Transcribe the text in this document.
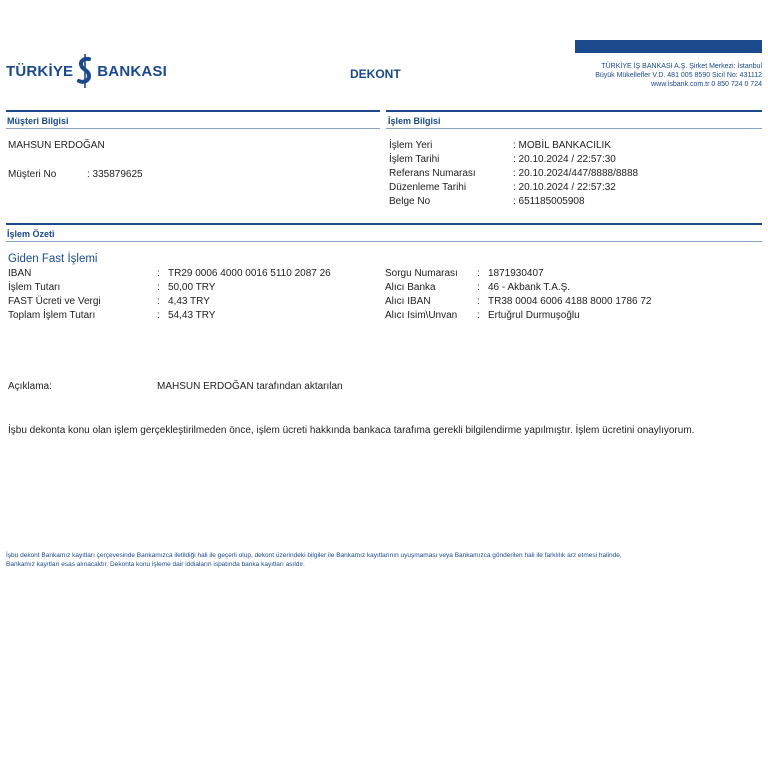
TÜRKİYE BANKASI	DEKONT
TÜRKİYE İŞ BANKASI A.Ş. Şirket Merkezi: İstanbul
Büyük Mükellefler V.D. 481 005 8590 Sicil No: 431112
www.isbank.com.tr 0 850 724 0 724
Müşteri Bilgisi	İşlem Bilgisi
MAHSUN ERDOĞAN
Müşteri No	: 335879625
İşlem Yeri	: MOBİL BANKACILIK
İşlem Tarihi	: 20.10.2024 / 22:57:30
Referans Numarası	: 20.10.2024/447/8888/8888
Düzenleme Tarihi	: 20.10.2024 / 22:57:32
Belge No	: 651185005908
İşlem Özeti
Giden Fast İşlemi
IBAN	: TR29 0006 4000 0016 5110 2087 26
İşlem Tutarı	: 50,00 TRY
FAST Ücreti ve Vergi	: 4,43 TRY
Toplam İşlem Tutarı	: 54,43 TRY
Sorgu Numarası : 1871930407
Alıcı Banka	: 46 - Akbank T.A.Ş.
Alıcı IBAN	: TR38 0004 6006 4188 8000 1786 72
Alıcı Isim\Unvan : Ertuğrul Durmuşoğlu
Açıklama:	MAHSUN ERDOĞAN tarafından aktarılan
İşbu dekonta konu olan işlem gerçekleştirilmeden önce, işlem ücreti hakkında bankaca tarafıma gerekli bilgilendirme yapılmıştır. İşlem ücretini onaylıyorum.
İşbu dekont Bankamız kayıtları çerçevesinde Bankamızca iletildiği hali ile geçerli olup, dekont üzerindeki bilgiler ile Bankamız kayıtlarının uyuşmaması veya Bankamızca gönderilen hali ile farklılık arz etmesi halinde,
Bankamız kayıtları esas alınacaktır. Dekonta konu işleme dair iddiaların ispatında banka kayıtları asıldır.
